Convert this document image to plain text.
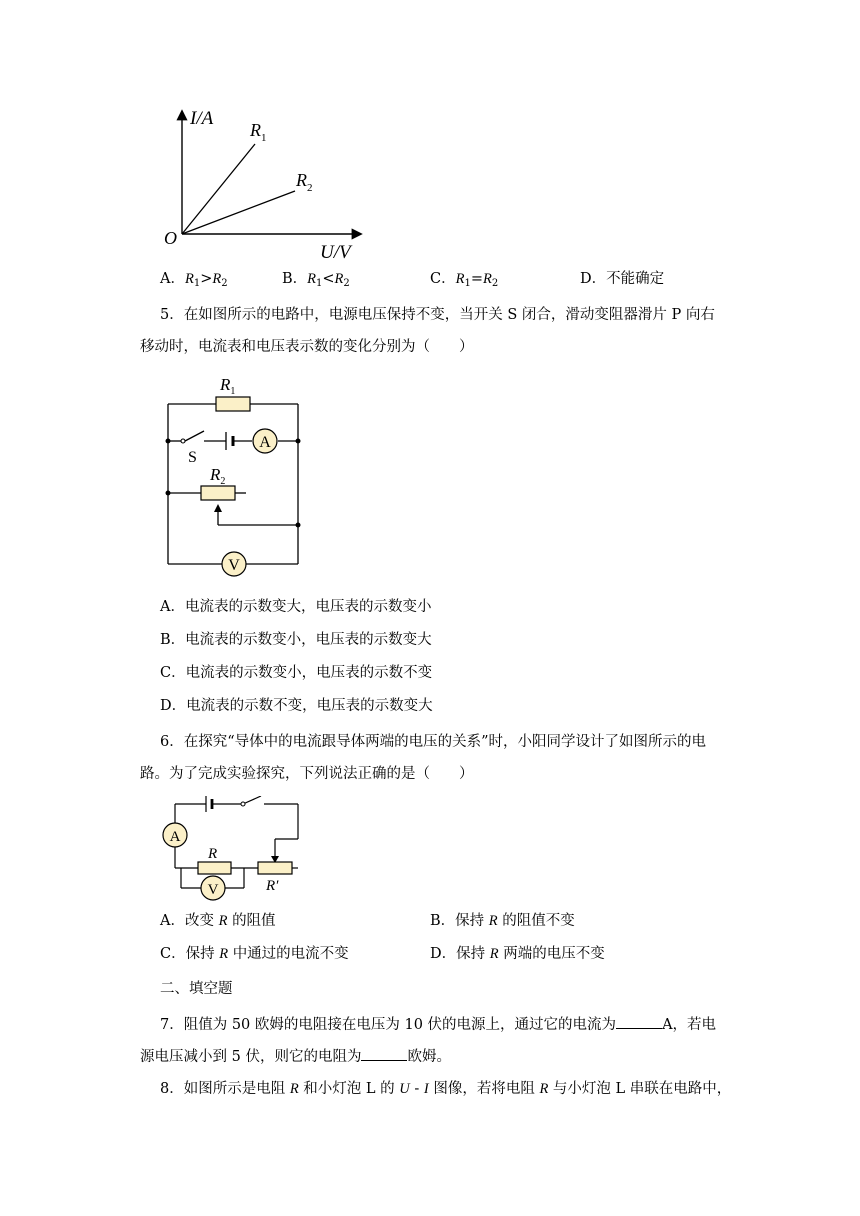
I/A
U/V
O
$R_1$
$R_2$
A．$R_1>R_2$	B．$R_1<R_2$	C．$R_1=R_2$	D．不能确定
5．在如图所示的电路中，电源电压保持不变，当开关 S 闭合，滑动变阻器滑片 P 向右
移动时，电流表和电压表示数的变化分别为（　　）
A
V
$R_1$
$R_2$
S
A．电流表的示数变大，电压表的示数变小
B．电流表的示数变小，电压表的示数变大
C．电流表的示数变小，电压表的示数不变
D．电流表的示数不变，电压表的示数变大
6．在探究“导体中的电流跟导体两端的电压的关系”时，小阳同学设计了如图所示的电
路。为了完成实验探究，下列说法正确的是（　　）
A
V
R
R′
A．改变 R 的阻值	B．保持 R 的阻值不变
C．保持 R 中通过的电流不变	D．保持 R 两端的电压不变
二、填空题
7．阻值为 50 欧姆的电阻接在电压为 10 伏的电源上，通过它的电流为	A，若电
源电压减小到 5 伏，则它的电阻为	欧姆。
8．如图所示是电阻 R 和小灯泡 L 的 U - I 图像，若将电阻 R 与小灯泡 L 串联在电路中，
